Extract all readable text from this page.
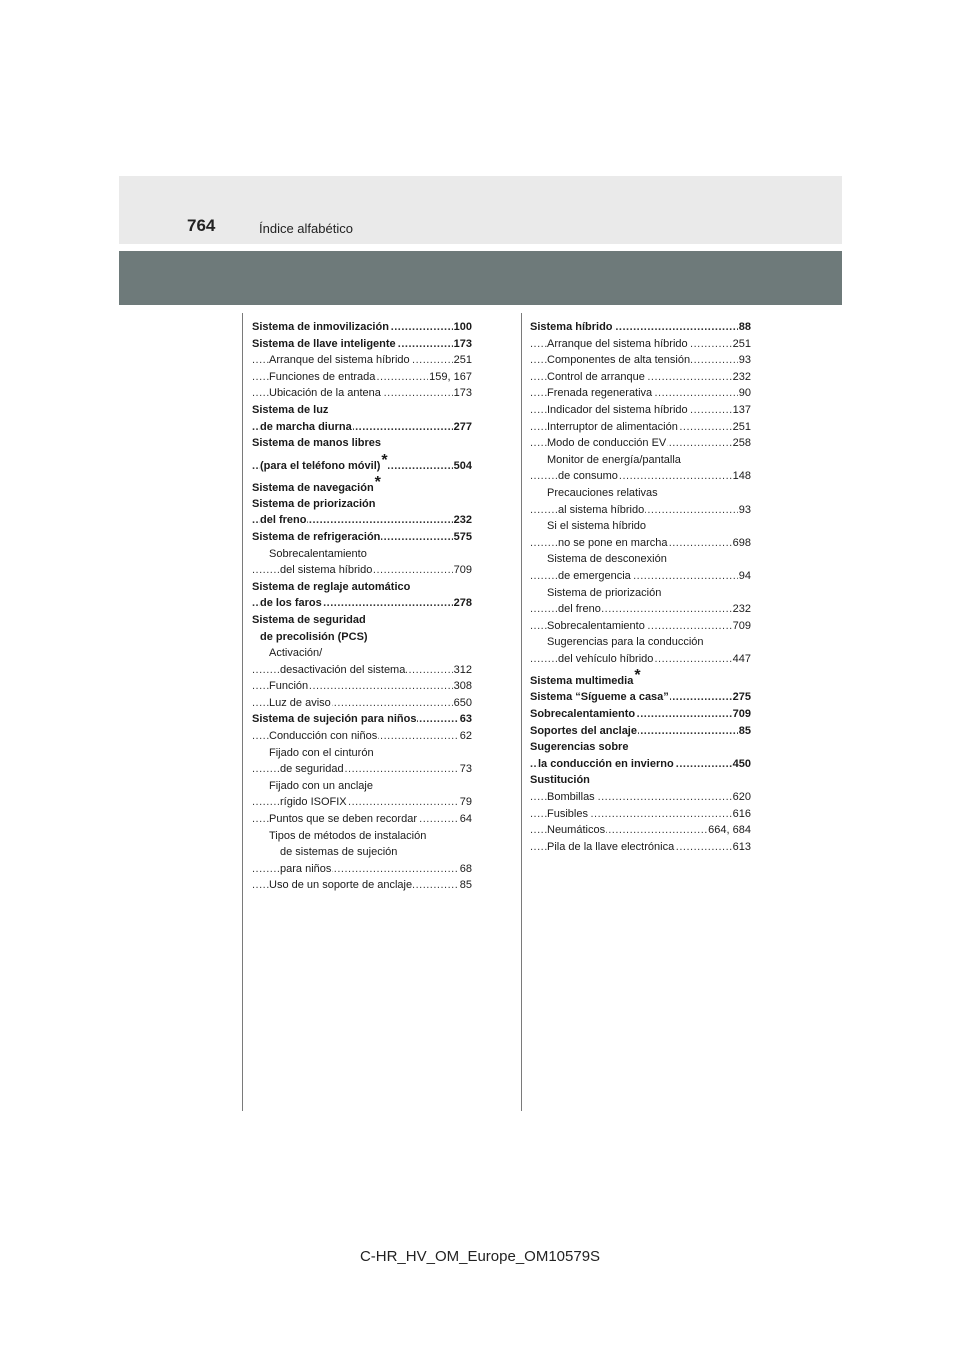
764	Índice alfabético
Sistema de inmovilización	100
.....
Sistema de llave inteligente	173
.....
Arranque del sistema híbrido	251
.....
Funciones de entrada	159, 167
.....
Ubicación de la antena	173
.....
Sistema de luz
de marcha diurna	277
.....
Sistema de manos libres
(para el teléfono móvil)*	504
.....
Sistema de navegación*
Sistema de priorización
del freno	232
.....
Sistema de refrigeración	575
.....
Sobrecalentamiento
del sistema híbrido	709
.....
Sistema de reglaje automático
de los faros	278
.....
Sistema de seguridad
de precolisión (PCS)
Activación/
desactivación del sistema	312
.....
Función	308
.....
Luz de aviso	650
.....
Sistema de sujeción para niños	63
.....
Conducción con niños	62
.....
Fijado con el cinturón
de seguridad	73
.....
Fijado con un anclaje
rígido ISOFIX	79
.....
Puntos que se deben recordar	64
.....
Tipos de métodos de instalación
de sistemas de sujeción
para niños	68
.....
Uso de un soporte de anclaje	85
.....
Sistema híbrido	88
.....
Arranque del sistema híbrido	251
.....
Componentes de alta tensión	93
.....
Control de arranque	232
.....
Frenada regenerativa	90
.....
Indicador del sistema híbrido	137
.....
Interruptor de alimentación	251
.....
Modo de conducción EV	258
.....
Monitor de energía/pantalla
de consumo	148
.....
Precauciones relativas
al sistema híbrido	93
.....
Si el sistema híbrido
no se pone en marcha	698
.....
Sistema de desconexión
de emergencia	94
.....
Sistema de priorización
del freno	232
.....
Sobrecalentamiento	709
.....
Sugerencias para la conducción
del vehículo híbrido	447
.....
Sistema multimedia*
Sistema “Sígueme a casa”	275
.....
Sobrecalentamiento	709
.....
Soportes del anclaje	85
.....
Sugerencias sobre
la conducción en invierno	450
.....
Sustitución
Bombillas	620
.....
Fusibles	616
.....
Neumáticos	664, 684
.....
Pila de la llave electrónica	613
.....
C-HR_HV_OM_Europe_OM10579S
